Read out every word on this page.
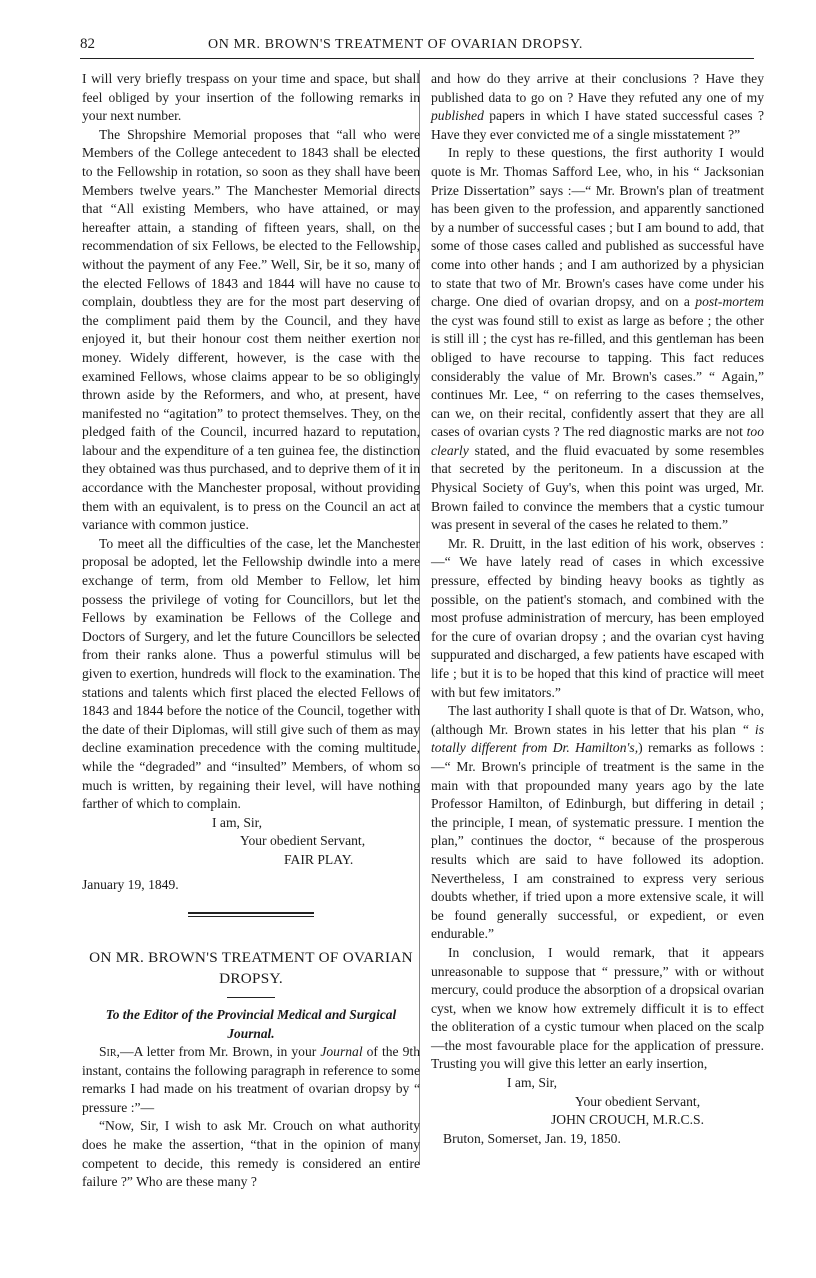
82	ON MR. BROWN'S TREATMENT OF OVARIAN DROPSY.

I will very briefly trespass on your time and space, but shall feel obliged by your insertion of the following remarks in your next number.

The Shropshire Memorial proposes that “all who were Members of the College antecedent to 1843 shall be elected to the Fellowship in rotation, so soon as they shall have been Members twelve years.” The Manchester Memorial directs that “All existing Members, who have attained, or may hereafter attain, a standing of fifteen years, shall, on the recommendation of six Fellows, be elected to the Fellowship, without the payment of any Fee.” Well, Sir, be it so, many of the elected Fellows of 1843 and 1844 will have no cause to complain, doubtless they are for the most part deserving of the compliment paid them by the Council, and they have enjoyed it, but their honour cost them neither exertion nor money. Widely different, however, is the case with the examined Fellows, whose claims appear to be so obligingly thrown aside by the Reformers, and who, at present, have manifested no “agitation” to protect themselves. They, on the pledged faith of the Council, incurred hazard to reputation, labour and the expenditure of a ten guinea fee, the distinction they obtained was thus purchased, and to deprive them of it in accordance with the Manchester proposal, without providing them with an equivalent, is to press on the Council an act at variance with common justice.

To meet all the difficulties of the case, let the Manchester proposal be adopted, let the Fellowship dwindle into a mere exchange of term, from old Member to Fellow, let him possess the privilege of voting for Councillors, but let the Fellows by examination be Fellows of the College and Doctors of Surgery, and let the future Councillors be selected from their ranks alone. Thus a powerful stimulus will be given to exertion, hundreds will flock to the examination. The stations and talents which first placed the elected Fellows of 1843 and 1844 before the notice of the Council, together with the date of their Diplomas, will still give such of them as may decline examination precedence with the coming multitude, while the “degraded” and “insulted” Members, of whom so much is written, by regaining their level, will have nothing farther of which to complain.

I am, Sir,
Your obedient Servant,
FAIR PLAY.

January 19, 1849.

ON MR. BROWN'S TREATMENT OF OVARIAN DROPSY.

To the Editor of the Provincial Medical and Surgical Journal.

Sir,—A letter from Mr. Brown, in your Journal of the 9th instant, contains the following paragraph in reference to some remarks I had made on his treatment of ovarian dropsy by “ pressure :”—

“Now, Sir, I wish to ask Mr. Crouch on what authority does he make the assertion, “that in the opinion of many competent to decide, this remedy is considered an entire failure ?” Who are these many ?

and how do they arrive at their conclusions ? Have they published data to go on ? Have they refuted any one of my published papers in which I have stated successful cases ? Have they ever convicted me of a single misstatement ?”

In reply to these questions, the first authority I would quote is Mr. Thomas Safford Lee, who, in his “ Jacksonian Prize Dissertation” says :—“ Mr. Brown's plan of treatment has been given to the profession, and apparently sanctioned by a number of successful cases ; but I am bound to add, that some of those cases called and published as successful have come into other hands ; and I am authorized by a physician to state that two of Mr. Brown's cases have come under his charge. One died of ovarian dropsy, and on a post-mortem the cyst was found still to exist as large as before ; the other is still ill ; the cyst has re-filled, and this gentleman has been obliged to have recourse to tapping. This fact reduces considerably the value of Mr. Brown's cases.” “ Again,” continues Mr. Lee, “ on referring to the cases themselves, can we, on their recital, confidently assert that they are all cases of ovarian cysts ? The red diagnostic marks are not too clearly stated, and the fluid evacuated by some resembles that secreted by the peritoneum. In a discussion at the Physical Society of Guy's, when this point was urged, Mr. Brown failed to convince the members that a cystic tumour was present in several of the cases he related to them.”

Mr. R. Druitt, in the last edition of his work, observes :—“ We have lately read of cases in which excessive pressure, effected by binding heavy books as tightly as possible, on the patient's stomach, and combined with the most profuse administration of mercury, has been employed for the cure of ovarian dropsy ; and the ovarian cyst having suppurated and discharged, a few patients have escaped with life ; but it is to be hoped that this kind of practice will meet with but few imitators.”

The last authority I shall quote is that of Dr. Watson, who, (although Mr. Brown states in his letter that his plan “ is totally different from Dr. Hamilton's,) remarks as follows :—“ Mr. Brown's principle of treatment is the same in the main with that propounded many years ago by the late Professor Hamilton, of Edinburgh, but differing in detail ; the principle, I mean, of systematic pressure. I mention the plan,” continues the doctor, “ because of the prosperous results which are said to have followed its adoption. Nevertheless, I am constrained to express very serious doubts whether, if tried upon a more extensive scale, it will be found generally successful, or expedient, or even endurable.”

In conclusion, I would remark, that it appears unreasonable to suppose that “ pressure,” with or without mercury, could produce the absorption of a dropsical ovarian cyst, when we know how extremely difficult it is to effect the obliteration of a cystic tumour when placed on the scalp—the most favourable place for the application of pressure. Trusting you will give this letter an early insertion,

I am, Sir,
Your obedient Servant,
JOHN CROUCH, M.R.C.S.

Bruton, Somerset, Jan. 19, 1850.
